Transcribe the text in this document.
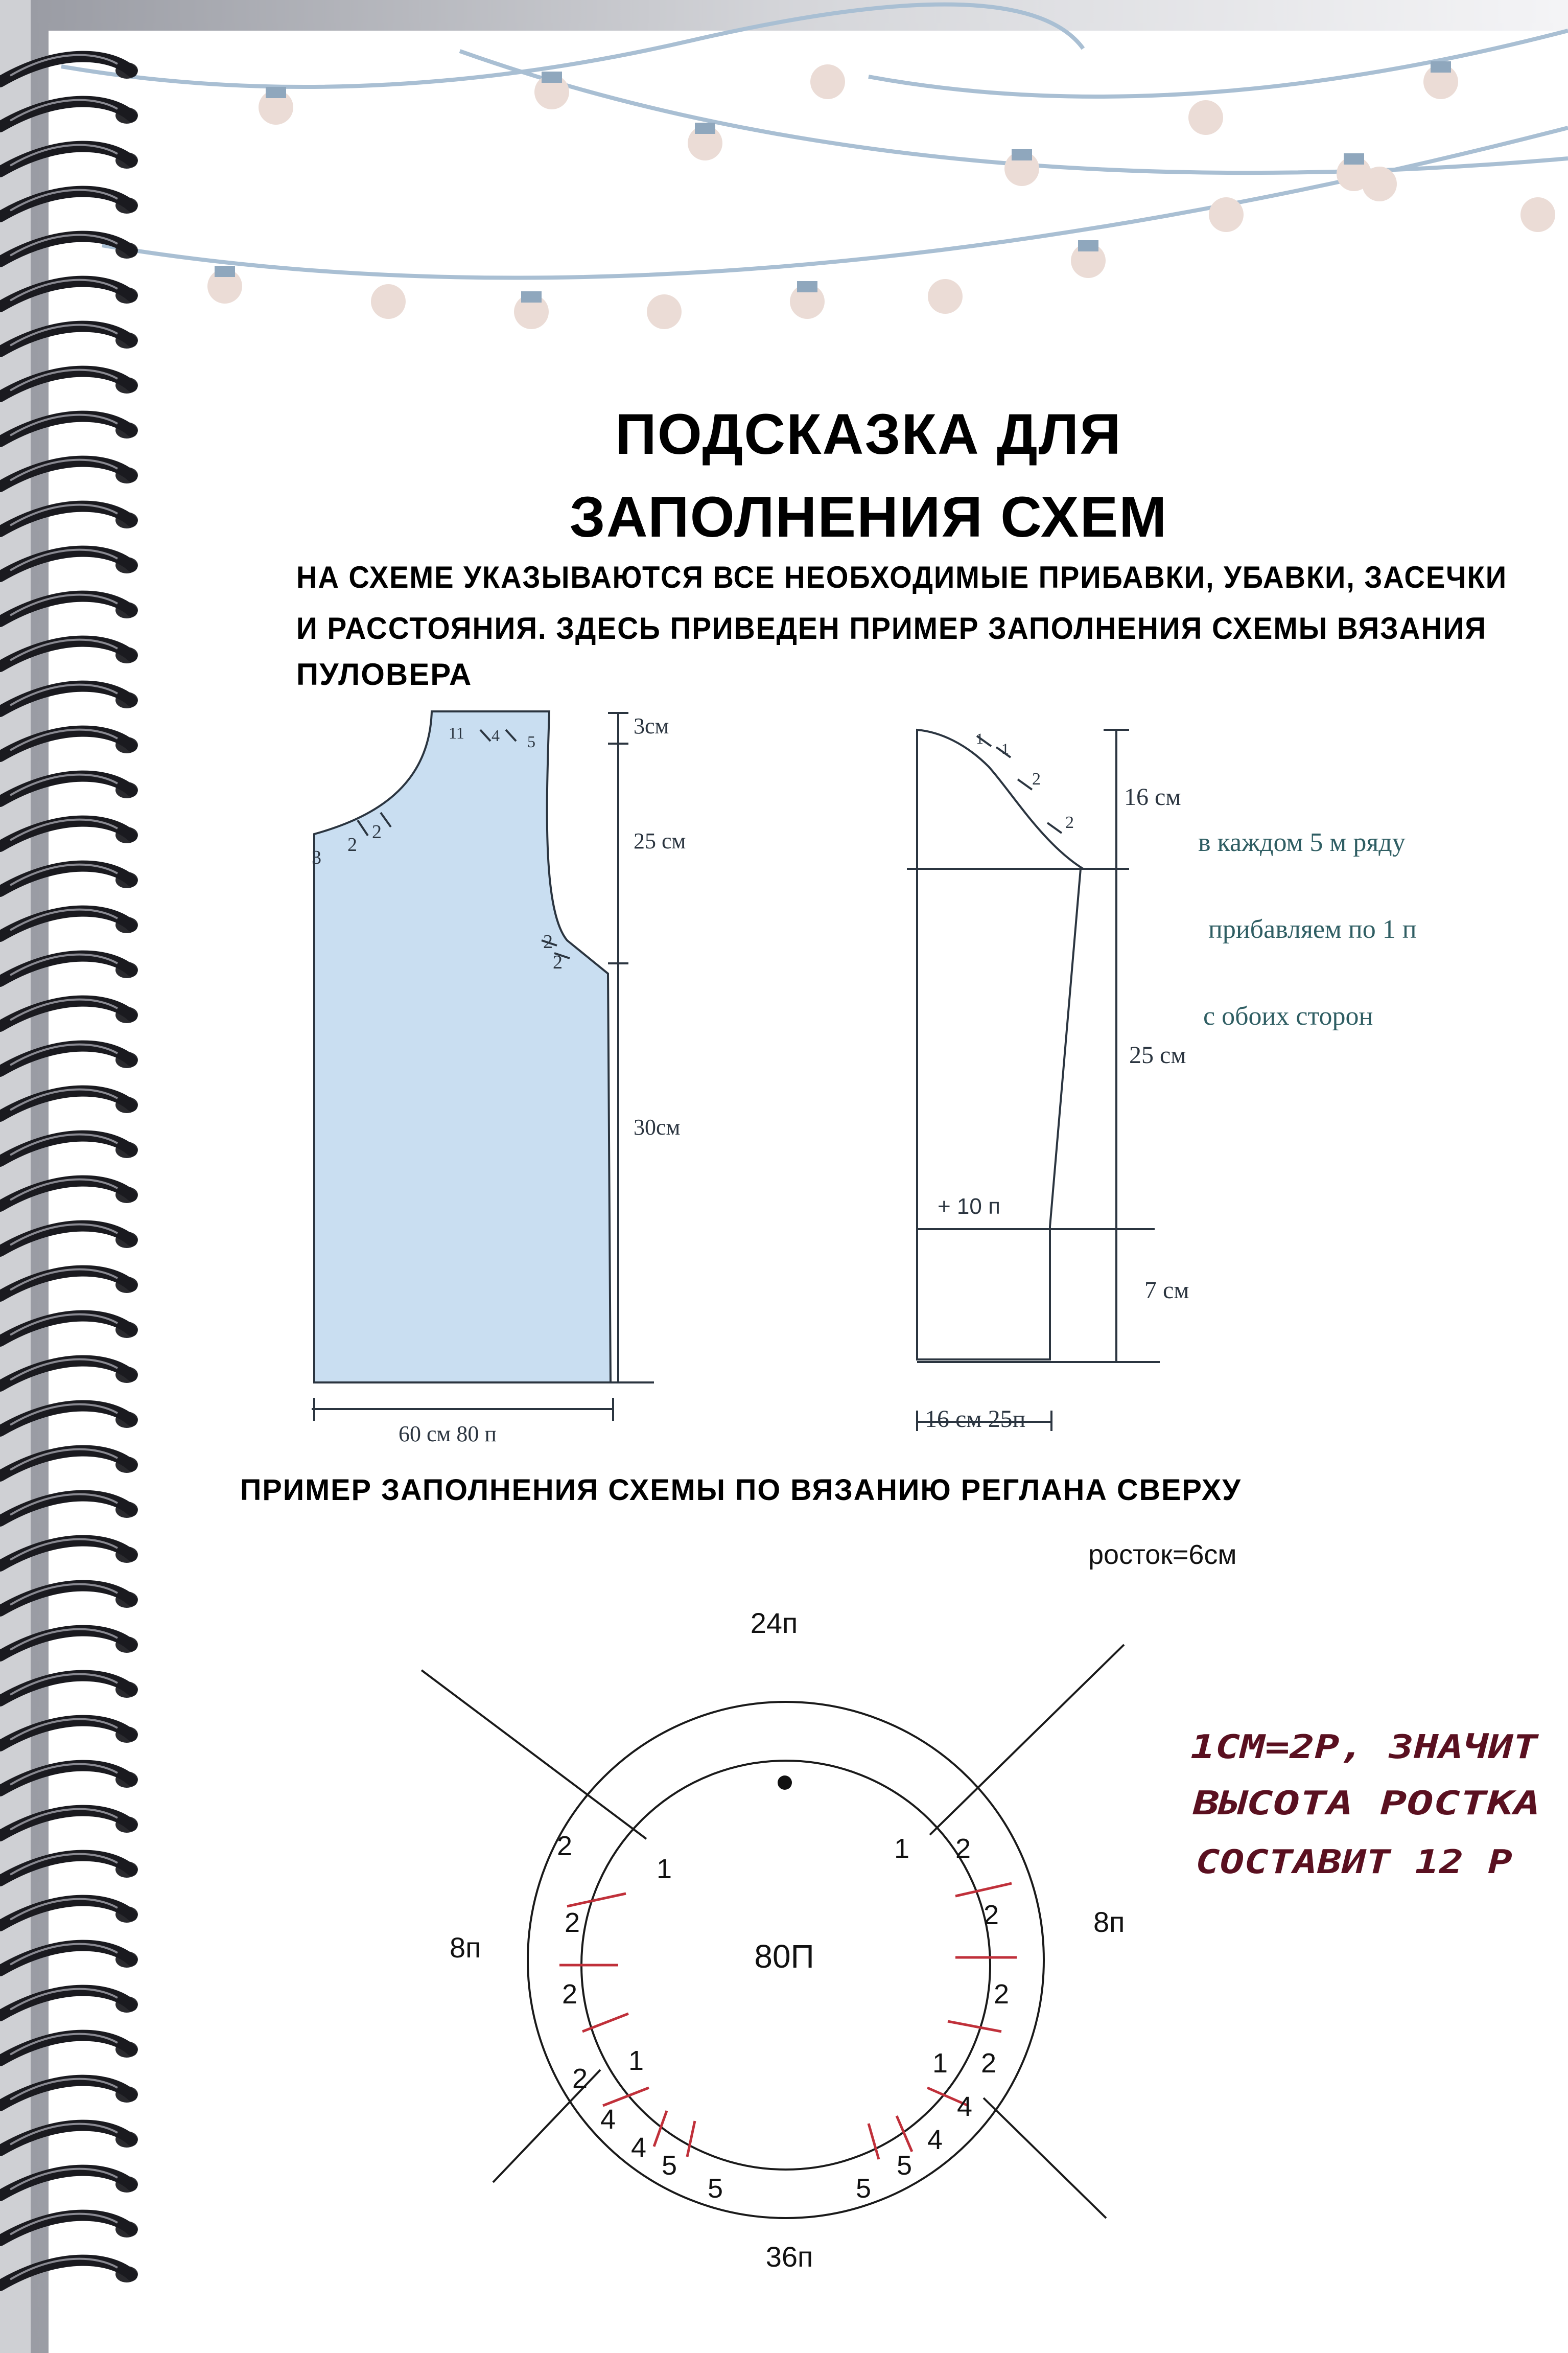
ПОДСКАЗКА ДЛЯ
ЗАПОЛНЕНИЯ СХЕМ
НА СХЕМЕ УКАЗЫВАЮТСЯ ВСЕ НЕОБХОДИМЫЕ ПРИБАВКИ, УБАВКИ, ЗАСЕЧКИ
И РАССТОЯНИЯ. ЗДЕСЬ ПРИВЕДЕН ПРИМЕР ЗАПОЛНЕНИЯ СХЕМЫ ВЯЗАНИЯ
ПУЛОВЕРА
11 4 5
3
2
2
2
2
3см
25 см
30см
60 см 80 п
1
1
2
2
16 см
25 см
7 см
+ 10 п
16 см 25п
в каждом 5 м ряду
прибавляем по 1 п
с обоих сторон
ПРИМЕР ЗАПОЛНЕНИЯ СХЕМЫ ПО ВЯЗАНИЮ РЕГЛАНА СВЕРХУ
росток=6см
24п
8п
8п
36п
80П
2
1
2
2
1
2
4
4
5
5
1 2
2
2
1 2
4
4
5
5
1СМ=2Р, ЗНАЧИТ
ВЫСОТА РОСТКА
СОСТАВИТ 12 Р
